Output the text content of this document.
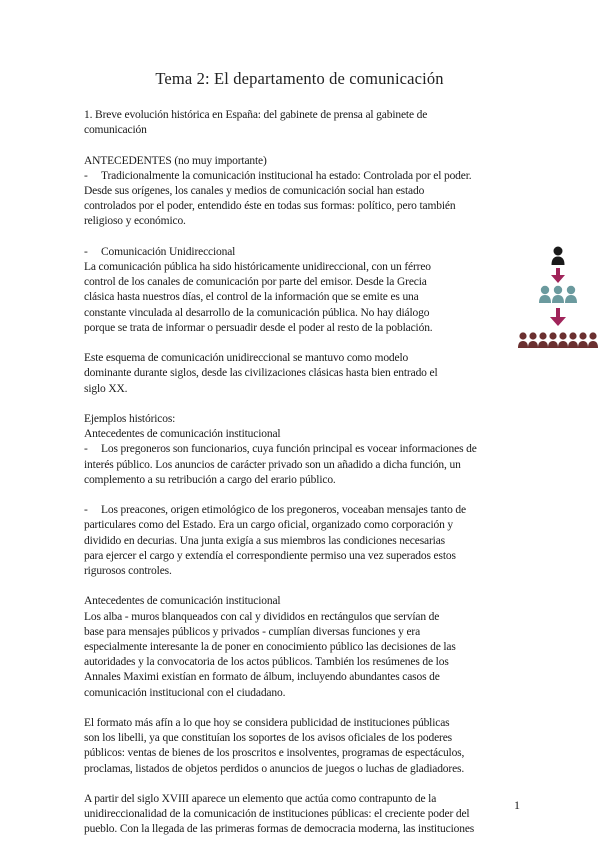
Tema 2: El departamento de comunicación

1. Breve evolución histórica en España: del gabinete de prensa al gabinete de

comunicación

ANTECEDENTES (no muy importante)

- Tradicionalmente la comunicación institucional ha estado: Controlada por el poder.

Desde sus orígenes, los canales y medios de comunicación social han estado

controlados por el poder, entendido éste en todas sus formas: político, pero también

religioso y económico.

- Comunicación Unidireccional

La comunicación pública ha sido históricamente unidireccional, con un férreo

control de los canales de comunicación por parte del emisor. Desde la Grecia

clásica hasta nuestros días, el control de la información que se emite es una

constante vinculada al desarrollo de la comunicación pública. No hay diálogo

porque se trata de informar o persuadir desde el poder al resto de la población.

Este esquema de comunicación unidireccional se mantuvo como modelo

dominante durante siglos, desde las civilizaciones clásicas hasta bien entrado el

siglo XX.

Ejemplos históricos:

Antecedentes de comunicación institucional

- Los pregoneros son funcionarios, cuya función principal es vocear informaciones de

interés público. Los anuncios de carácter privado son un añadido a dicha función, un

complemento a su retribución a cargo del erario público.

- Los preacones, origen etimológico de los pregoneros, voceaban mensajes tanto de

particulares como del Estado. Era un cargo oficial, organizado como corporación y

dividido en decurias. Una junta exigía a sus miembros las condiciones necesarias

para ejercer el cargo y extendía el correspondiente permiso una vez superados estos

rigurosos controles.

Antecedentes de comunicación institucional

Los alba - muros blanqueados con cal y divididos en rectángulos que servían de

base para mensajes públicos y privados - cumplían diversas funciones y era

especialmente interesante la de poner en conocimiento público las decisiones de las

autoridades y la convocatoria de los actos públicos. También los resúmenes de los

Annales Maximi existían en formato de álbum, incluyendo abundantes casos de

comunicación institucional con el ciudadano.

El formato más afín a lo que hoy se considera publicidad de instituciones públicas

son los libelli, ya que constituían los soportes de los avisos oficiales de los poderes

públicos: ventas de bienes de los proscritos e insolventes, programas de espectáculos,

proclamas, listados de objetos perdidos o anuncios de juegos o luchas de gladiadores.

A partir del siglo XVIII aparece un elemento que actúa como contrapunto de la

unidireccionalidad de la comunicación de instituciones públicas: el creciente poder del

pueblo. Con la llegada de las primeras formas de democracia moderna, las instituciones

1
